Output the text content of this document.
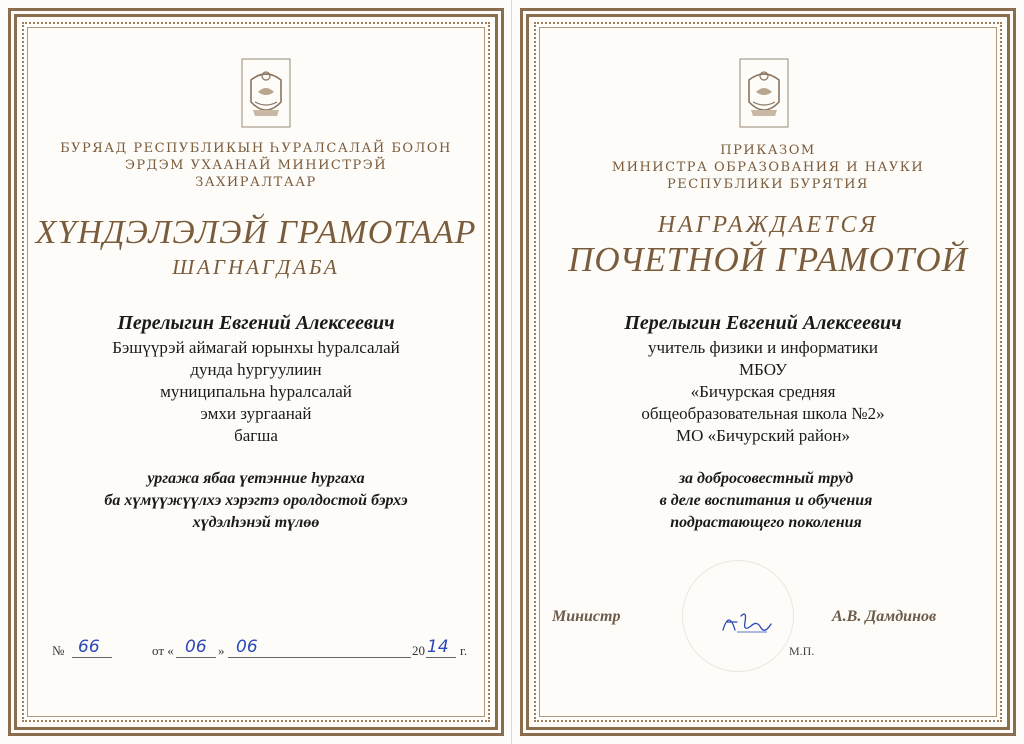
БУРЯАД РЕСПУБЛИКЫН ҺУРАЛСАЛАЙ БОЛОН
ЭРДЭМ УХААНАЙ МИНИСТРЭЙ
ЗАХИРАЛТААР
ХҮНДЭЛЭЛЭЙ ГРАМОТААР
ШАГНАГДАБА
Перелыгин Евгений Алексеевич
Бэшүүрэй аймагай юрынхы һуралсалай
дунда һургуулиин
муниципальна һуралсалай
эмхи зургаанай
багша
ургажа ябаа үетэнние һургаха
ба хүмүүжүүлхэ хэрэгтэ оролдостой бэрхэ
хүдэлһэнэй түлөө
№ 66	от « 06 » 06	20 14 г.
ПРИКАЗОМ
МИНИСТРА ОБРАЗОВАНИЯ И НАУКИ
РЕСПУБЛИКИ БУРЯТИЯ
НАГРАЖДАЕТСЯ
ПОЧЕТНОЙ ГРАМОТОЙ
Перелыгин Евгений Алексеевич
учитель физики и информатики
МБОУ
«Бичурская средняя
общеобразовательная школа №2»
МО «Бичурский район»
за добросовестный труд
в деле воспитания и обучения
подрастающего поколения
Министр	А.В. Дамдинов
М.П.
